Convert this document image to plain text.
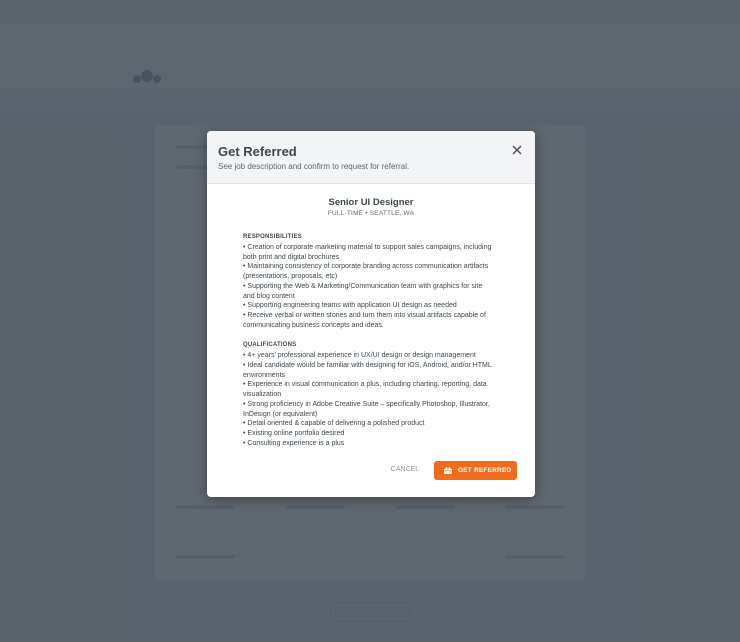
Get Referred
See job description and confirm to request for referral.
Senior UI Designer
FULL-TIME • SEATTLE, WA
RESPONSIBILITIES
• Creation of corporate marketing material to support sales campaigns, including
both print and digital brochures
• Maintaining consistency of corporate branding across communication artifacts
(presentations, proposals, etc)
• Supporting the Web & Marketing/Communication team with graphics for site
and blog content
• Supporting engineering teams with application UI design as needed
• Receive verbal or written stories and turn them into visual artifacts capable of
communicating business concepts and ideas.
QUALIFICATIONS
• 4+ years' professional experience in UX/UI design or design management
• Ideal candidate would be familiar with designing for iOS, Android, and/or HTML
environments
• Experience in visual communication a plus, including charting, reporting, data
visualization
• Strong proficiency in Adobe Creative Suite – specifically Photoshop, Illustrator,
InDesign (or equivalent)
• Detail oriented & capable of delivering a polished product
• Existing online portfolio desired
• Consulting experience is a plus
CANCEL	GET REFERRED
